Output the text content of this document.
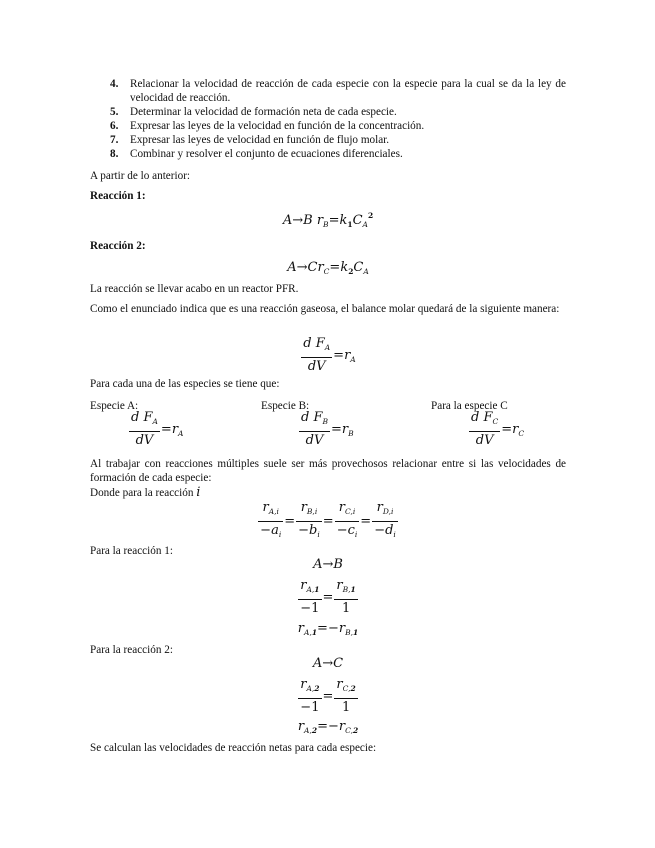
4. Relacionar la velocidad de reacción de cada especie con la especie para la cual se da la ley de velocidad de reacción.
5. Determinar la velocidad de formación neta de cada especie.
6. Expresar las leyes de la velocidad en función de la concentración.
7. Expresar las leyes de velocidad en función de flujo molar.
8. Combinar y resolver el conjunto de ecuaciones diferenciales.
A partir de lo anterior:
Reacción 1:
A→B $r_B=k_1C_A^2$
Reacción 2:
$A\to Cr_C=k_2C_A$
La reacción se llevar acabo en un reactor PFR.
Como el enunciado indica que es una reacción gaseosa, el balance molar quedará de la siguiente manera:
$\frac{d F_A}{dV} =r_A$
Para cada una de las especies se tiene que:
Especie A:	Especie B:	Para la especie C
$\frac{d F_A}{dV} =r_A$	$\frac{d F_B}{dV} =r_B$	$\frac{d F_C}{dV} =r_C$
Al trabajar con reacciones múltiples suele ser más provechosos relacionar entre si las velocidades de formación de cada especie:
Donde para la reacción i
$\frac{r_{A,i}}{-a_i} = \frac{r_{B,i}}{-b_i} = \frac{r_{C,i}}{-c_i} = \frac{r_{D,i}}{-d_i}$
Para la reacción 1:
A→B
$\frac{r_{A,1}}{-1} = \frac{r_{B,1}}{1}$
$r_{A,1}=-r_{B,1}$
Para la reacción 2:
A→C
$\frac{r_{A,2}}{-1} = \frac{r_{C,2}}{1}$
$r_{A,2}=-r_{C,2}$
Se calculan las velocidades de reacción netas para cada especie:
